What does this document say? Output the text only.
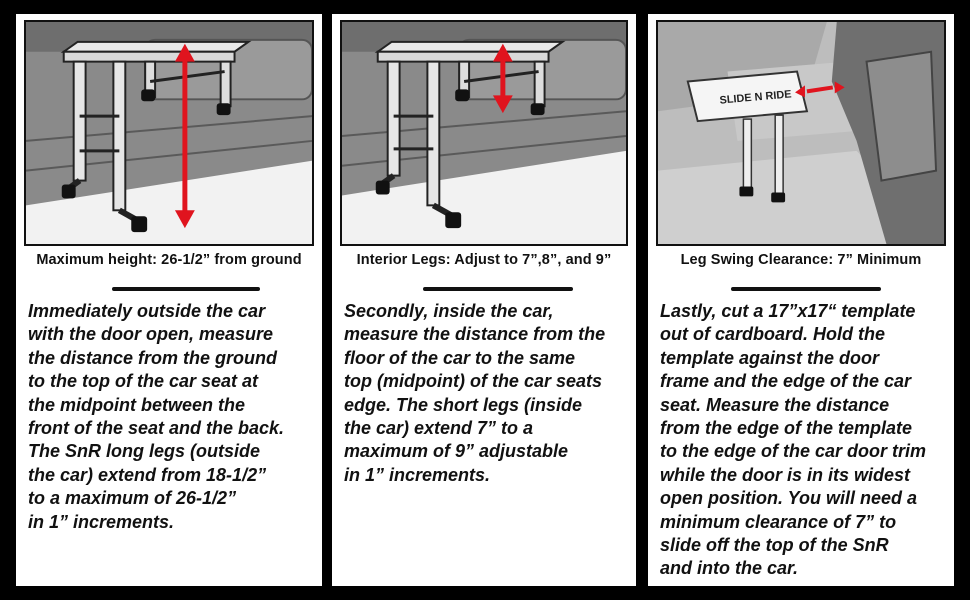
Maximum height: 26-1/2” from ground

Immediately outside the car
with the door open, measure
the distance from the ground
to the top of the car seat at
the midpoint between the
front of the seat and the back.
The SnR long legs (outside
the car) extend from 18-1/2”
to a maximum of 26-1/2”
in 1” increments.

Interior Legs: Adjust to 7”,8”, and 9”

Secondly, inside the car,
measure the distance from the
floor of the car to the same
top (midpoint) of the car seats
edge. The short legs (inside
the car) extend 7” to a
maximum of 9” adjustable
in 1” increments.

SLIDE N RIDE
Leg Swing Clearance: 7” Minimum

Lastly, cut a 17”x17“ template
out of cardboard. Hold the
template against the door
frame and the edge of the car
seat. Measure the distance
from the edge of the template
to the edge of the car door trim
while the door is in its widest
open position. You will need a
minimum clearance of 7” to
slide off the top of the SnR
and into the car.
